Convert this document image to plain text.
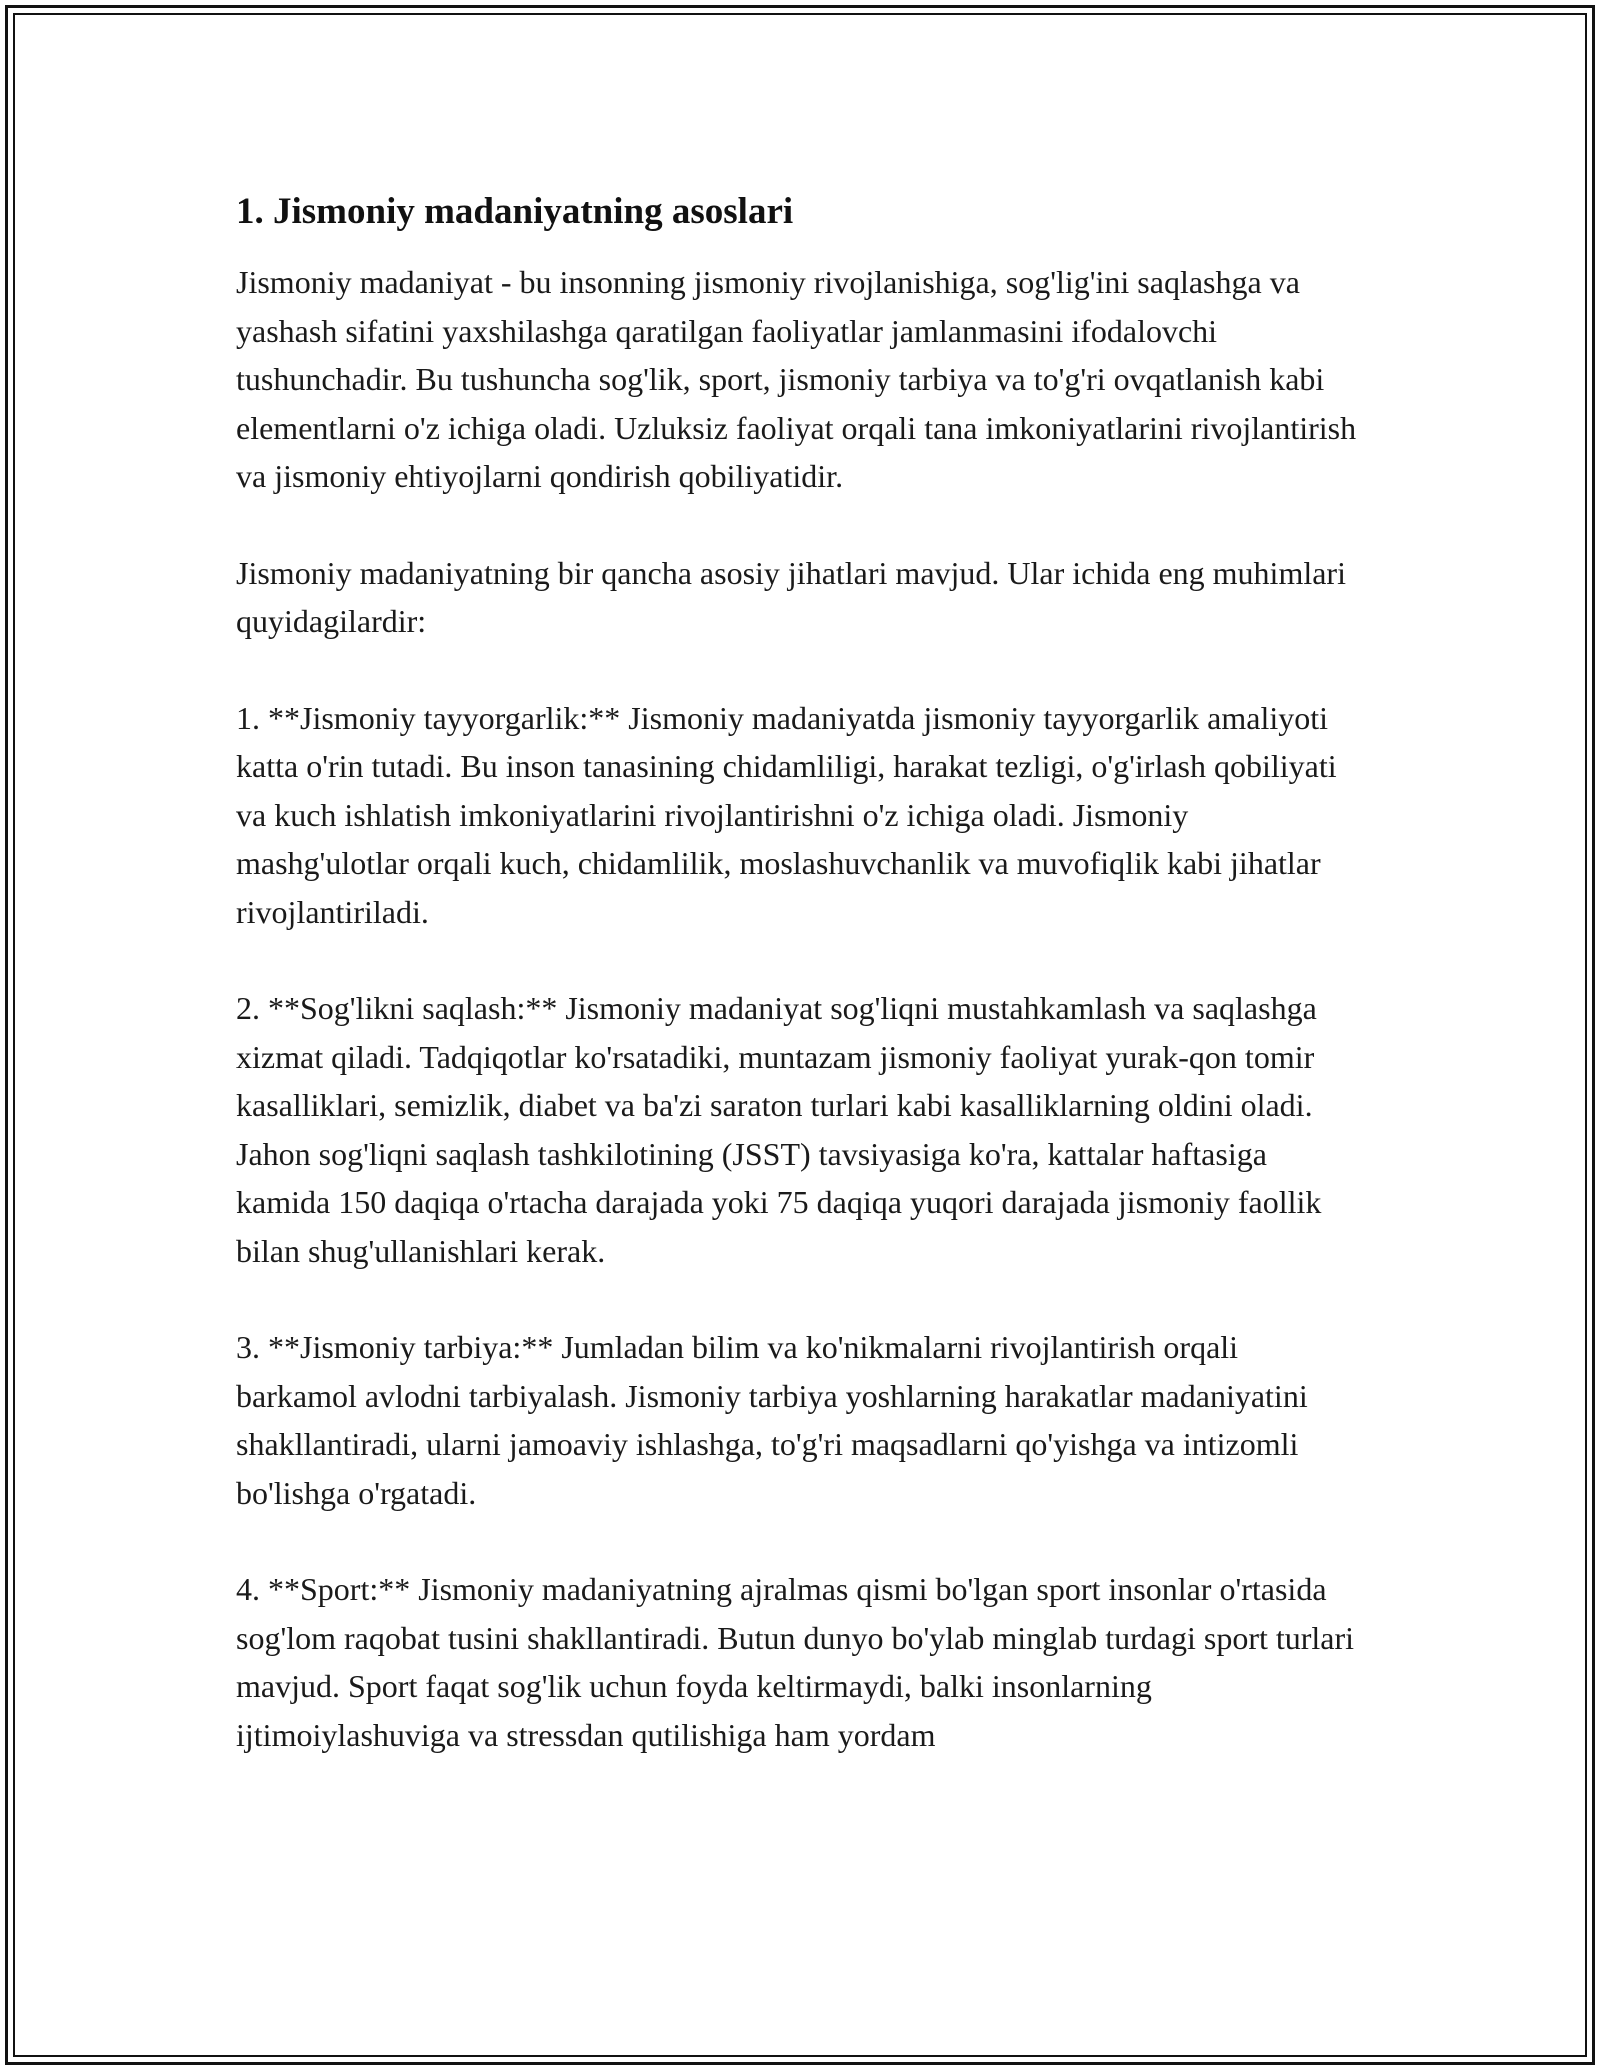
1. Jismoniy madaniyatning asoslari

Jismoniy madaniyat - bu insonning jismoniy rivojlanishiga, sog'lig'ini saqlashga va yashash sifatini yaxshilashga qaratilgan faoliyatlar jamlanmasini ifodalovchi tushunchadir. Bu tushuncha sog'lik, sport, jismoniy tarbiya va to'g'ri ovqatlanish kabi elementlarni o'z ichiga oladi. Uzluksiz faoliyat orqali tana imkoniyatlarini rivojlantirish va jismoniy ehtiyojlarni qondirish qobiliyatidir.

Jismoniy madaniyatning bir qancha asosiy jihatlari mavjud. Ular ichida eng muhimlari quyidagilardir:

1. **Jismoniy tayyorgarlik:** Jismoniy madaniyatda jismoniy tayyorgarlik amaliyoti katta o'rin tutadi. Bu inson tanasining chidamliligi, harakat tezligi, o'g'irlash qobiliyati va kuch ishlatish imkoniyatlarini rivojlantirishni o'z ichiga oladi. Jismoniy mashg'ulotlar orqali kuch, chidamlilik, moslashuvchanlik va muvofiqlik kabi jihatlar rivojlantiriladi.

2. **Sog'likni saqlash:** Jismoniy madaniyat sog'liqni mustahkamlash va saqlashga xizmat qiladi. Tadqiqotlar ko'rsatadiki, muntazam jismoniy faoliyat yurak-qon tomir kasalliklari, semizlik, diabet va ba'zi saraton turlari kabi kasalliklarning oldini oladi. Jahon sog'liqni saqlash tashkilotining (JSST) tavsiyasiga ko'ra, kattalar haftasiga kamida 150 daqiqa o'rtacha darajada yoki 75 daqiqa yuqori darajada jismoniy faollik bilan shug'ullanishlari kerak.

3. **Jismoniy tarbiya:** Jumladan bilim va ko'nikmalarni rivojlantirish orqali barkamol avlodni tarbiyalash. Jismoniy tarbiya yoshlarning harakatlar madaniyatini shakllantiradi, ularni jamoaviy ishlashga, to'g'ri maqsadlarni qo'yishga va intizomli bo'lishga o'rgatadi.

4. **Sport:** Jismoniy madaniyatning ajralmas qismi bo'lgan sport insonlar o'rtasida sog'lom raqobat tusini shakllantiradi. Butun dunyo bo'ylab minglab turdagi sport turlari mavjud. Sport faqat sog'lik uchun foyda keltirmaydi, balki insonlarning ijtimoiylashuviga va stressdan qutilishiga ham yordam
